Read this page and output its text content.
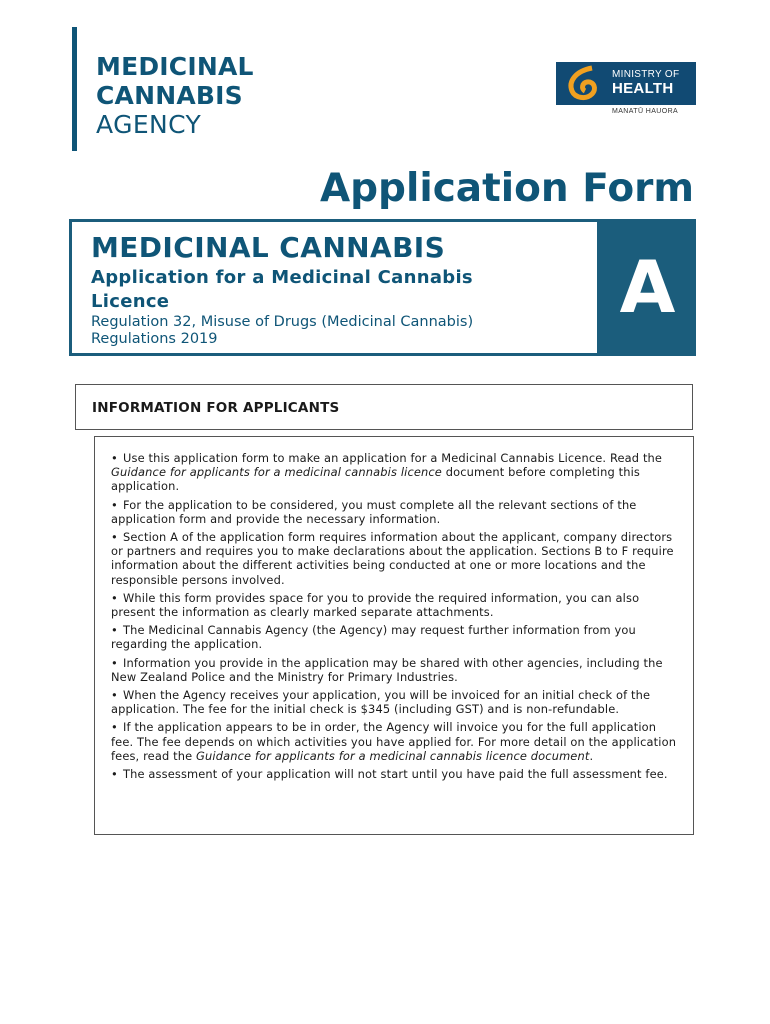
MEDICINAL
CANNABIS
AGENCY
MINISTRY OF
HEALTH
MANATŪ HAUORA
Application Form
MEDICINAL CANNABIS
Application for a Medicinal Cannabis Licence
Regulation 32, Misuse of Drugs (Medicinal Cannabis) Regulations 2019
A
INFORMATION FOR APPLICANTS
• Use this application form to make an application for a Medicinal Cannabis Licence. Read the Guidance for applicants for a medicinal cannabis licence document before completing this application.
• For the application to be considered, you must complete all the relevant sections of the application form and provide the necessary information.
• Section A of the application form requires information about the applicant, company directors or partners and requires you to make declarations about the application. Sections B to F require information about the different activities being conducted at one or more locations and the responsible persons involved.
• While this form provides space for you to provide the required information, you can also present the information as clearly marked separate attachments.
• The Medicinal Cannabis Agency (the Agency) may request further information from you regarding the application.
• Information you provide in the application may be shared with other agencies, including the New Zealand Police and the Ministry for Primary Industries.
• When the Agency receives your application, you will be invoiced for an initial check of the application. The fee for the initial check is $345 (including GST) and is non-refundable.
• If the application appears to be in order, the Agency will invoice you for the full application fee. The fee depends on which activities you have applied for. For more detail on the application fees, read the Guidance for applicants for a medicinal cannabis licence document.
• The assessment of your application will not start until you have paid the full assessment fee.
